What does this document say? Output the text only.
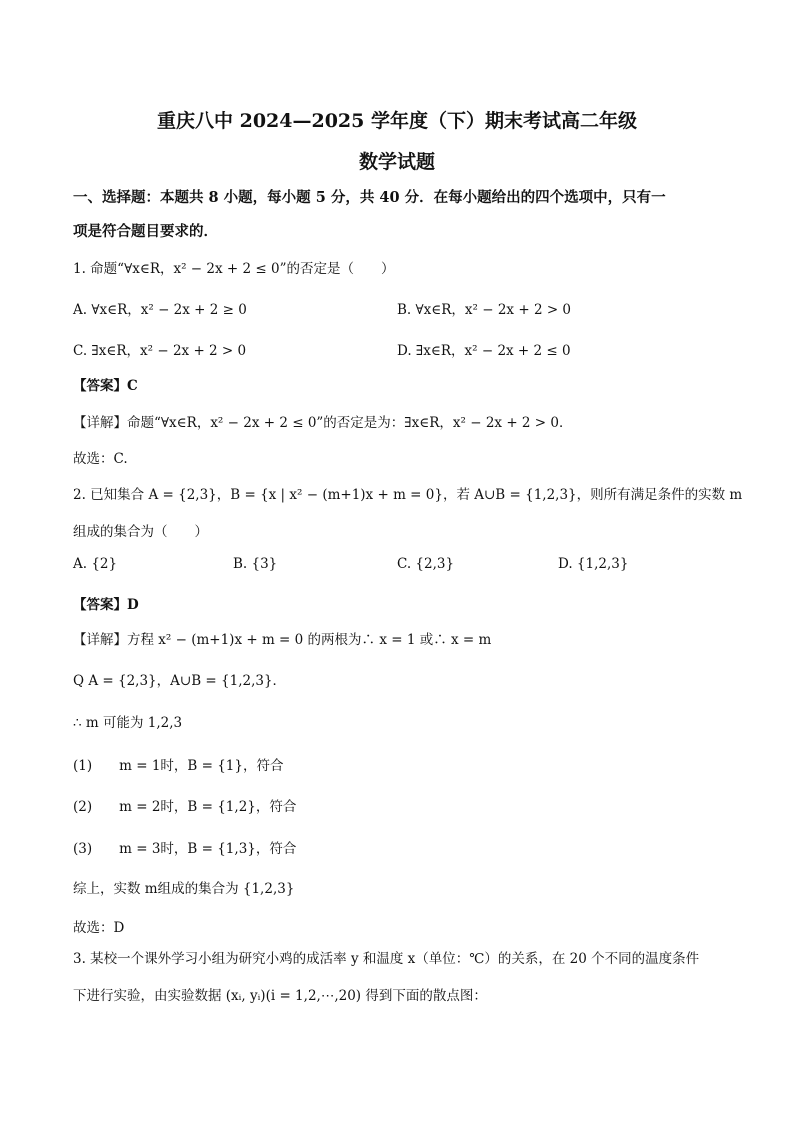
重庆八中 2024—2025 学年度（下）期末考试高二年级
数学试题
一、选择题：本题共 8 小题，每小题 5 分，共 40 分．在每小题给出的四个选项中，只有一
项是符合题目要求的．
1. 命题“∀x∈R，x² − 2x + 2 ≤ 0”的否定是（　　）
A. ∀x∈R，x² − 2x + 2 ≥ 0	B. ∀x∈R，x² − 2x + 2 > 0
C. ∃x∈R，x² − 2x + 2 > 0	D. ∃x∈R，x² − 2x + 2 ≤ 0
【答案】C
【详解】命题“∀x∈R，x² − 2x + 2 ≤ 0”的否定是为：∃x∈R，x² − 2x + 2 > 0．
故选：C.
2. 已知集合 A = {2,3}，B = {x | x² − (m+1)x + m = 0}，若 A∪B = {1,2,3}，则所有满足条件的实数 m
组成的集合为（　　）
A. {2}	B. {3}	C. {2,3}	D. {1,2,3}
【答案】D
【详解】方程 x² − (m+1)x + m = 0 的两根为∴ x = 1 或∴ x = m
Q A = {2,3}，A∪B = {1,2,3}．
∴ m 可能为 1,2,3
(1)　　m = 1时，B = {1}，符合
(2)　　m = 2时，B = {1,2}，符合
(3)　　m = 3时，B = {1,3}，符合
综上，实数 m组成的集合为 {1,2,3}
故选：D
3. 某校一个课外学习小组为研究小鸡的成活率 y 和温度 x（单位：℃）的关系，在 20 个不同的温度条件
下进行实验，由实验数据 (xᵢ, yᵢ)(i = 1,2,⋯,20) 得到下面的散点图：
